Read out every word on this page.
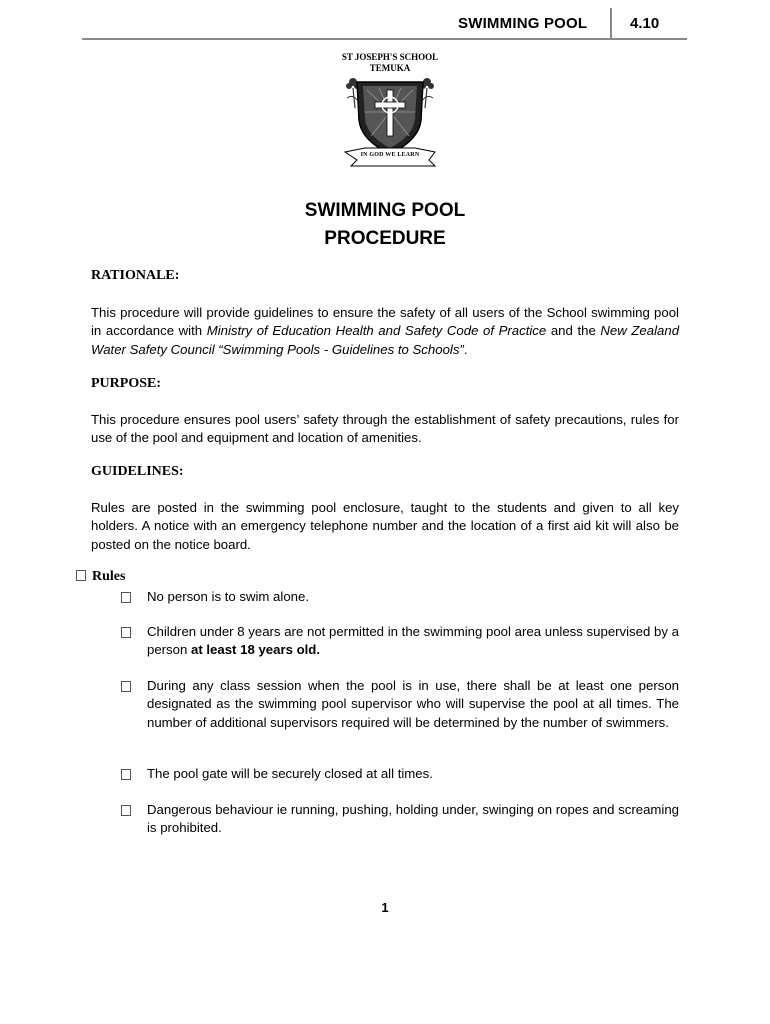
SWIMMING POOL	4.10
ST JOSEPH'S SCHOOL
TEMUKA
IN GOD WE LEARN
SWIMMING POOL
PROCEDURE
RATIONALE:
This procedure will provide guidelines to ensure the safety of all users of the School swimming pool in accordance with Ministry of Education Health and Safety Code of Practice and the New Zealand Water Safety Council “Swimming Pools - Guidelines to Schools”.
PURPOSE:
This procedure ensures pool users’ safety through the establishment of safety precautions, rules for use of the pool and equipment and location of amenities.
GUIDELINES:
Rules are posted in the swimming pool enclosure, taught to the students and given to all key holders. A notice with an emergency telephone number and the location of a first aid kit will also be posted on the notice board.
Rules
No person is to swim alone.
Children under 8 years are not permitted in the swimming pool area unless supervised by a person at least 18 years old.
During any class session when the pool is in use, there shall be at least one person designated as the swimming pool supervisor who will supervise the pool at all times. The number of additional supervisors required will be determined by the number of swimmers.
The pool gate will be securely closed at all times.
Dangerous behaviour ie running, pushing, holding under, swinging on ropes and screaming is prohibited.
1
